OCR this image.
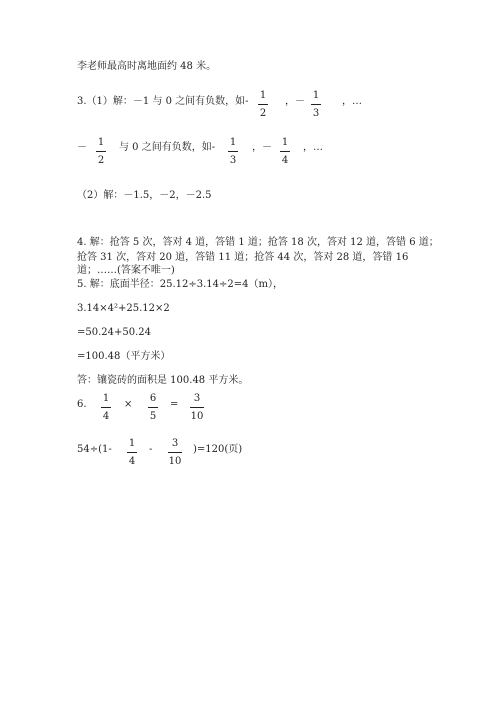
李老师最高时离地面约 48 米。
3.（1）解：－1 与 0 之间有负数，如-
1
2
，－
1
3
，…
－	1
2
与 0 之间有负数，如-	1
3
，－ 1
4
，…
（2）解：－1.5，－2，－2.5
4. 解：抢答 5 次，答对 4 道，答错 1 道；抢答 18 次，答对 12 道，答错 6 道；
抢答 31 次，答对 20 道，答错 11 道；抢答 44 次，答对 28 道，答错 16
道；……(答案不唯一)
5. 解：底面半径：25.12÷3.14÷2=4（m），
3.14×4²+25.12×2
=50.24+50.24
=100.48（平方米）
答：镶瓷砖的面积是 100.48 平方米。
6.
1
4
×
6
5
=
3
10
54÷(1-
1
4
-
3
10
)=120(页)
